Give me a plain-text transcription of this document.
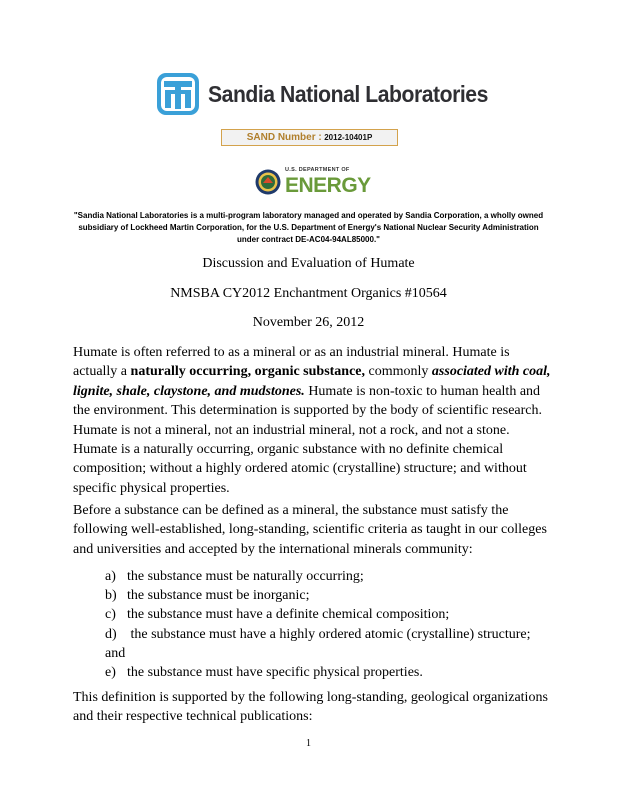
Sandia National Laboratories
SAND Number : 2012-10401P
U.S. DEPARTMENT OF
ENERGY
"Sandia National Laboratories is a multi-program laboratory managed and operated by Sandia Corporation, a wholly owned subsidiary of Lockheed Martin Corporation, for the U.S. Department of Energy's National Nuclear Security Administration under contract DE-AC04-94AL85000."
Discussion and Evaluation of Humate
NMSBA CY2012 Enchantment Organics #10564
November 26, 2012
Humate is often referred to as a mineral or as an industrial mineral. Humate is actually a naturally occurring, organic substance, commonly associated with coal, lignite, shale, claystone, and mudstones. Humate is non-toxic to human health and the environment. This determination is supported by the body of scientific research. Humate is not a mineral, not an industrial mineral, not a rock, and not a stone. Humate is a naturally occurring, organic substance with no definite chemical composition; without a highly ordered atomic (crystalline) structure; and without specific physical properties.
Before a substance can be defined as a mineral, the substance must satisfy the following well-established, long-standing, scientific criteria as taught in our colleges and universities and accepted by the international minerals community:
a) the substance must be naturally occurring;
b) the substance must be inorganic;
c) the substance must have a definite chemical composition;
d) the substance must have a highly ordered atomic (crystalline) structure; and
e) the substance must have specific physical properties.
This definition is supported by the following long-standing, geological organizations and their respective technical publications:
1
